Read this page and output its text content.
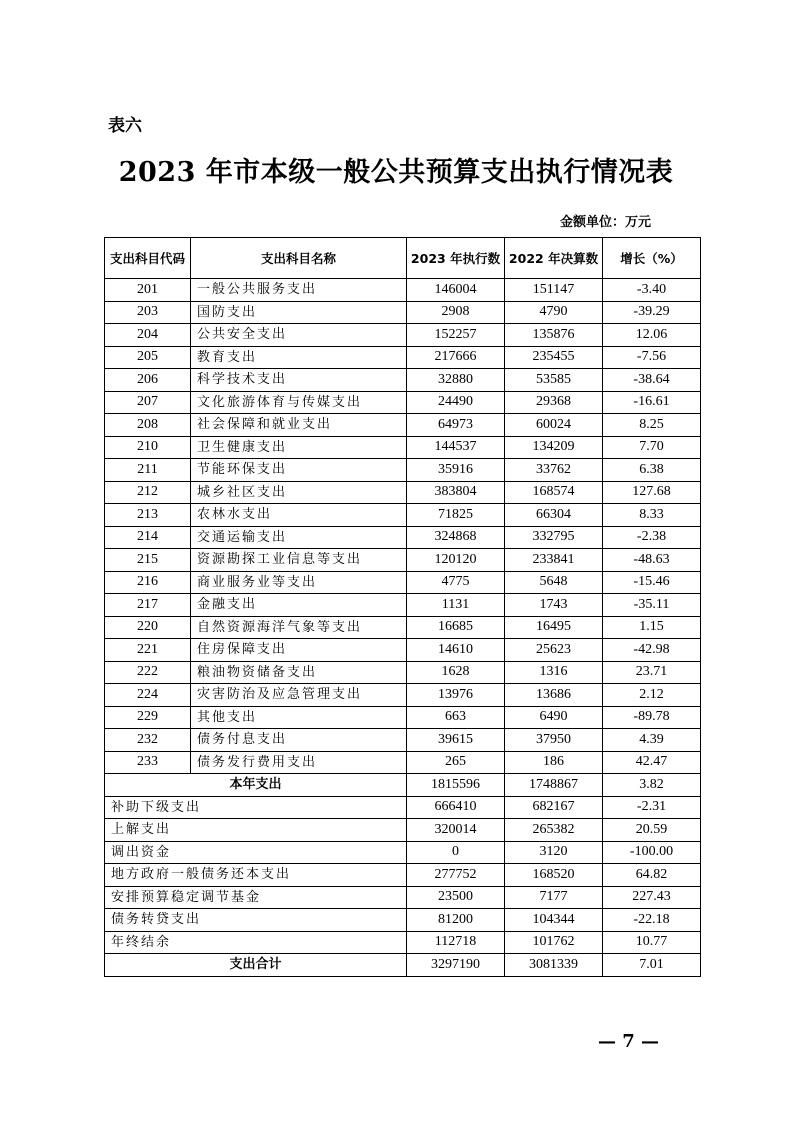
表六
2023 年市本级一般公共预算支出执行情况表
金额单位：万元
支出科目代码	支出科目名称	2023 年执行数	2022 年决算数	增长（%）
201	一般公共服务支出	146004	151147	-3.40
203	国防支出	2908	4790	-39.29
204	公共安全支出	152257	135876	12.06
205	教育支出	217666	235455	-7.56
206	科学技术支出	32880	53585	-38.64
207	文化旅游体育与传媒支出	24490	29368	-16.61
208	社会保障和就业支出	64973	60024	8.25
210	卫生健康支出	144537	134209	7.70
211	节能环保支出	35916	33762	6.38
212	城乡社区支出	383804	168574	127.68
213	农林水支出	71825	66304	8.33
214	交通运输支出	324868	332795	-2.38
215	资源勘探工业信息等支出	120120	233841	-48.63
216	商业服务业等支出	4775	5648	-15.46
217	金融支出	1131	1743	-35.11
220	自然资源海洋气象等支出	16685	16495	1.15
221	住房保障支出	14610	25623	-42.98
222	粮油物资储备支出	1628	1316	23.71
224	灾害防治及应急管理支出	13976	13686	2.12
229	其他支出	663	6490	-89.78
232	债务付息支出	39615	37950	4.39
233	债务发行费用支出	265	186	42.47
本年支出		1815596	1748867	3.82
补助下级支出		666410	682167	-2.31
上解支出		320014	265382	20.59
调出资金		0	3120	-100.00
地方政府一般债务还本支出		277752	168520	64.82
安排预算稳定调节基金		23500	7177	227.43
债务转贷支出		81200	104344	-22.18
年终结余		112718	101762	10.77
支出合计		3297190	3081339	7.01
— 7 —
